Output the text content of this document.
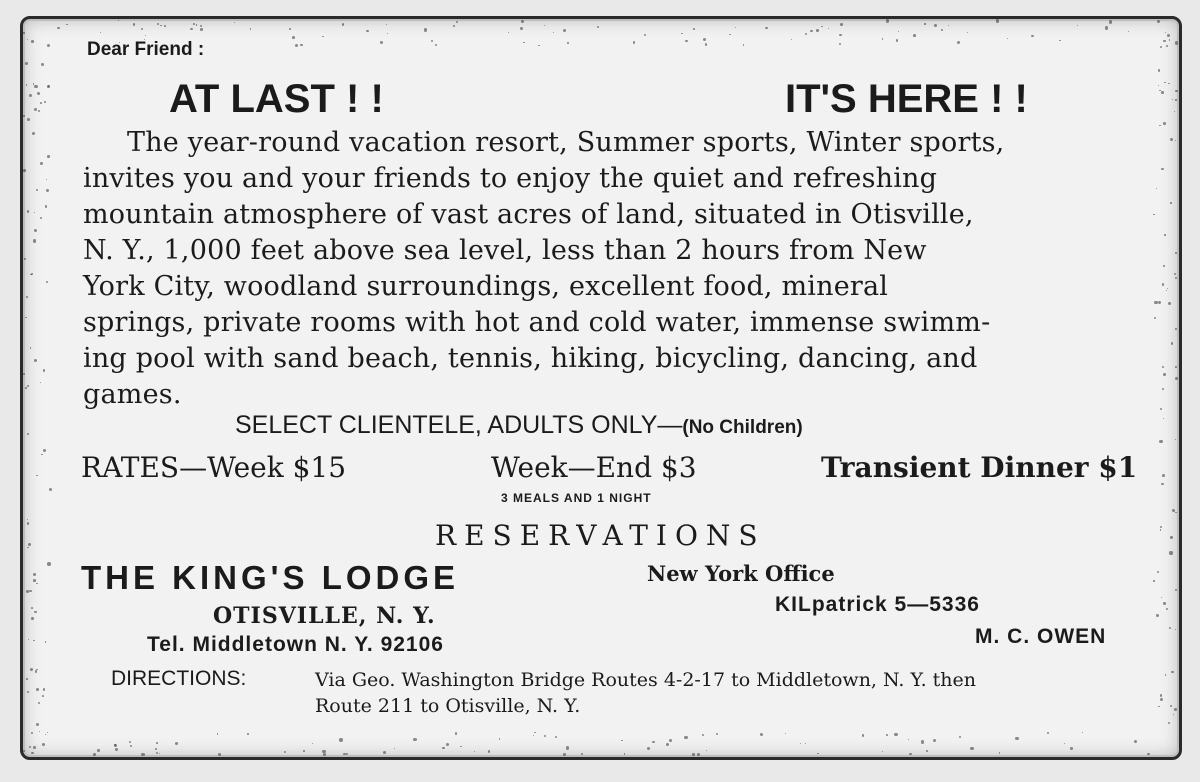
Dear Friend :
AT LAST ! !	IT'S HERE ! !
The year-round vacation resort, Summer sports, Winter sports,
invites you and your friends to enjoy the quiet and refreshing
mountain atmosphere of vast acres of land, situated in Otisville,
N. Y., 1,000 feet above sea level, less than 2 hours from New
York City, woodland surroundings, excellent food, mineral
springs, private rooms with hot and cold water, immense swimm-
ing pool with sand beach, tennis, hiking, bicycling, dancing, and
games.
SELECT CLIENTELE, ADULTS ONLY—(No Children)
RATES—Week $15	Week—End $3	Transient Dinner $1
3 MEALS AND 1 NIGHT
RESERVATIONS
THE KING'S LODGE	New York Office
KILpatrick 5—5336
OTISVILLE, N. Y.
Tel. Middletown N. Y. 92106	M. C. OWEN
DIRECTIONS:	Via Geo. Washington Bridge Routes 4-2-17 to Middletown, N. Y. then
Route 211 to Otisville, N. Y.
